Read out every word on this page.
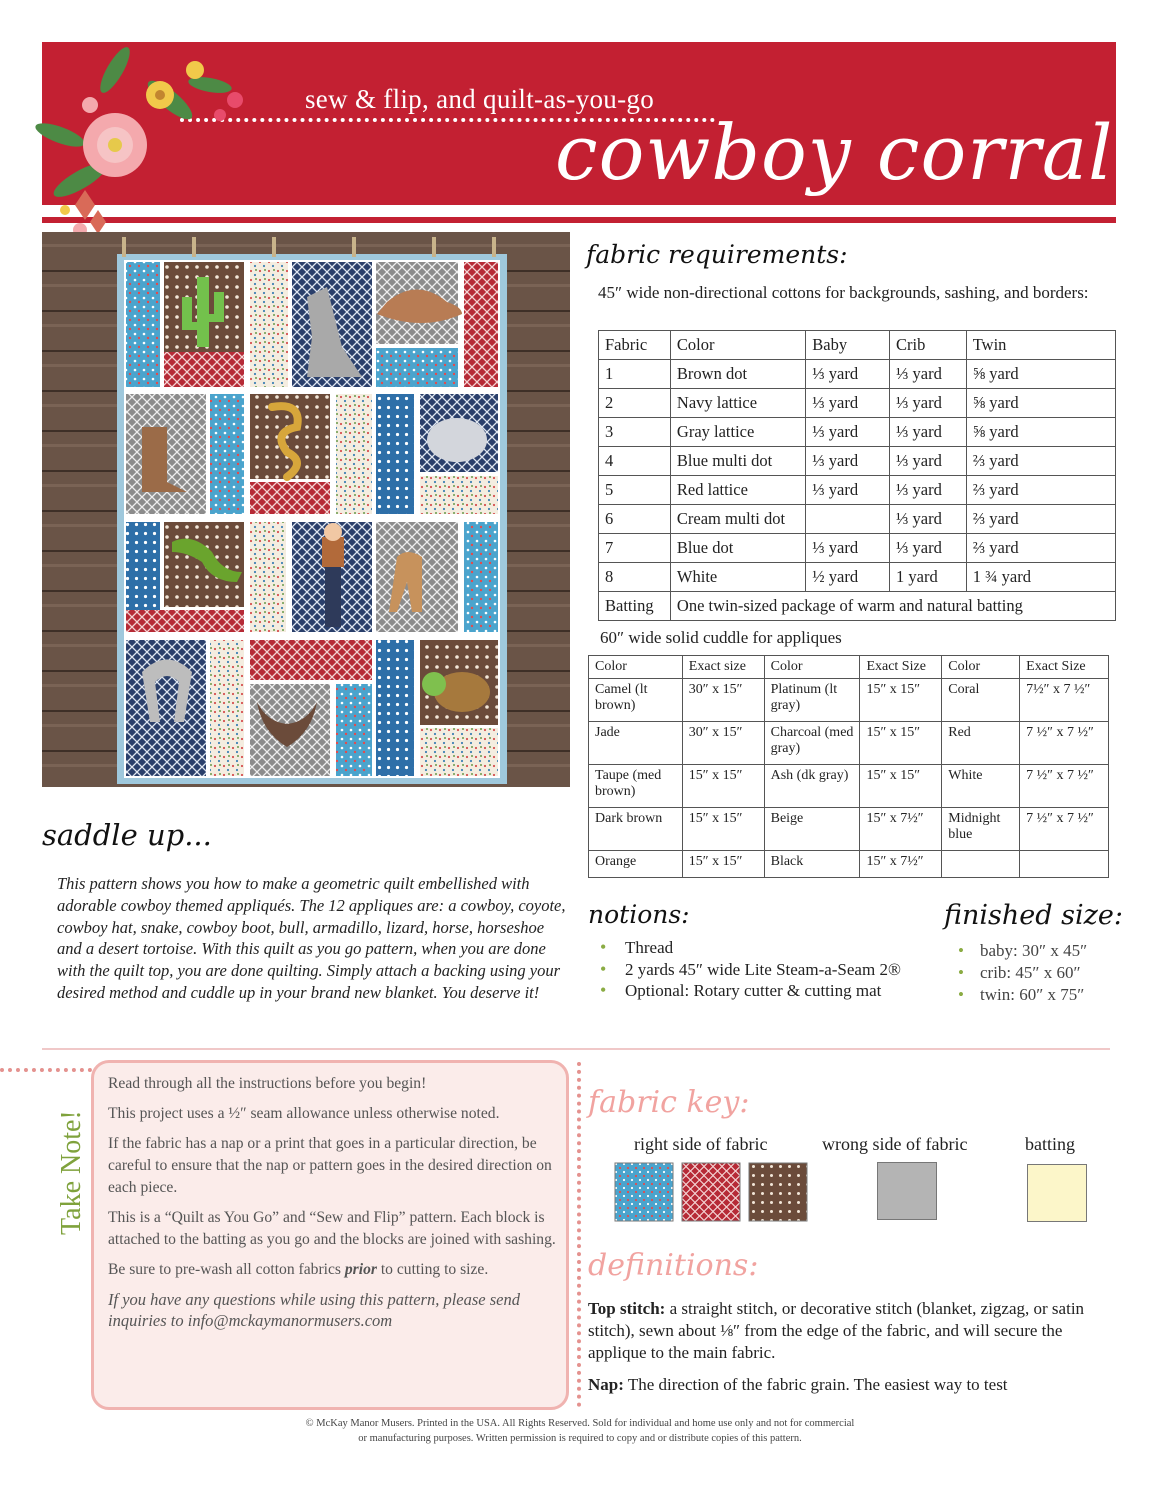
sew & flip, and quilt-as-you-go
cowboy corral
fabric requirements:
45″ wide non-directional cottons for backgrounds, sashing, and borders:
Fabric	Color	Baby	Crib	Twin
1	Brown dot	⅓ yard	⅓ yard	⅝ yard
2	Navy lattice	⅓ yard	⅓ yard	⅝ yard
3	Gray lattice	⅓ yard	⅓ yard	⅝ yard
4	Blue multi dot	⅓ yard	⅓ yard	⅔ yard
5	Red lattice	⅓ yard	⅓ yard	⅔ yard
6	Cream multi dot		⅓ yard	⅔ yard
7	Blue dot	⅓ yard	⅓ yard	⅔ yard
8	White	½ yard	1 yard	1 ¾ yard
Batting	One twin-sized package of warm and natural batting			
60″ wide solid cuddle for appliques
Color	Exact size	Color	Exact Size	Color	Exact Size
Camel (lt brown)	30″ x 15″	Platinum (lt gray)	15″ x 15″	Coral	7½″ x 7 ½″
Jade	30″ x 15″	Charcoal (med gray)	15″ x 15″	Red	7 ½″ x 7 ½″
Taupe (med brown)	15″ x 15″	Ash (dk gray)	15″ x 15″	White	7 ½″ x 7 ½″
Dark brown	15″ x 15″	Beige	15″ x 7½″	Midnight blue	7 ½″ x 7 ½″
Orange	15″ x 15″	Black	15″ x 7½″		
saddle up...
This pattern shows you how to make a geometric quilt embellished with adorable cowboy themed appliqués. The 12 appliques are: a cowboy, coyote, cowboy hat, snake, cowboy boot, bull, armadillo, lizard, horse, horseshoe and a desert tortoise. With this quilt as you go pattern, when you are done with the quilt top, you are done quilting. Simply attach a backing using your desired method and cuddle up in your brand new blanket. You deserve it!
notions:
• Thread
• 2 yards 45″ wide Lite Steam-a-Seam 2®
• Optional: Rotary cutter & cutting mat
finished size:
• baby: 30″ x 45″
• crib: 45″ x 60″
• twin: 60″ x 75″
Take Note!

Read through all the instructions before you begin!

This project uses a ½″ seam allowance unless otherwise noted.

If the fabric has a nap or a print that goes in a particular direction, be careful to ensure that the nap or pattern goes in the desired direction on each piece.

This is a “Quilt as You Go” and “Sew and Flip” pattern. Each block is attached to the batting as you go and the blocks are joined with sashing.

Be sure to pre-wash all cotton fabrics prior to cutting to size.

If you have any questions while using this pattern, please send inquiries to info@mckaymanormusers.com

fabric key:
right side of fabric	wrong side of fabric	batting
definitions:

Top stitch: a straight stitch, or decorative stitch (blanket, zigzag, or satin stitch), sewn about ⅛″ from the edge of the fabric, and will secure the applique to the main fabric.

Nap: The direction of the fabric grain. The easiest way to test

© McKay Manor Musers. Printed in the USA. All Rights Reserved. Sold for individual and home use only and not for commercial
or manufacturing purposes. Written permission is required to copy and or distribute copies of this pattern.
